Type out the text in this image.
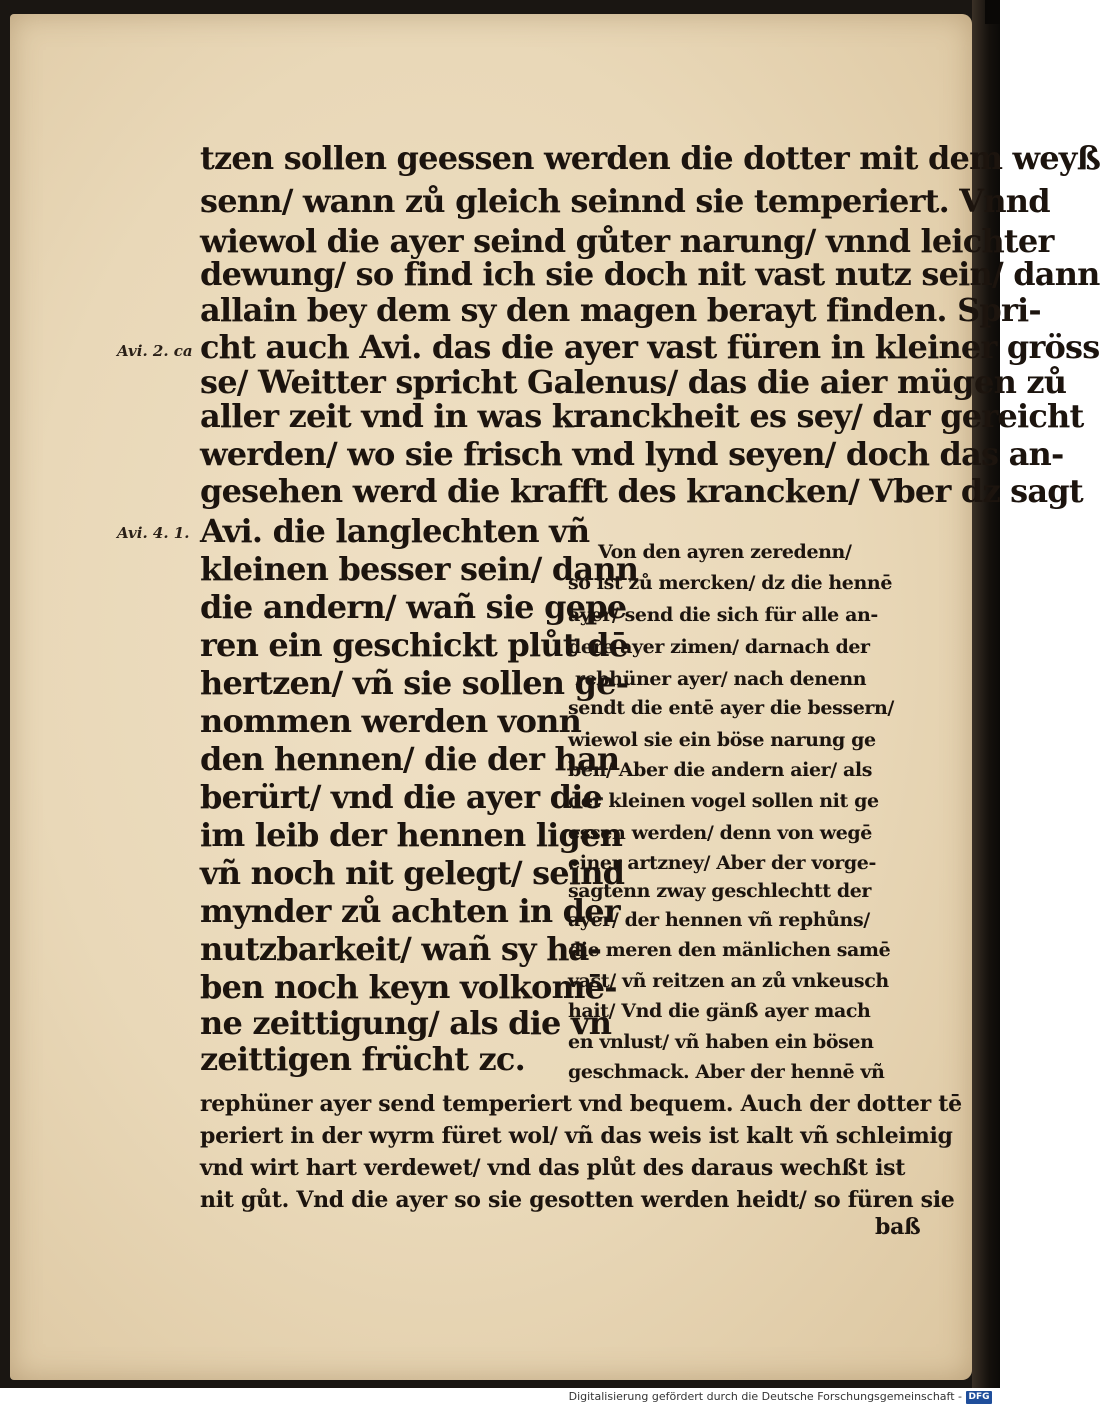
tzen sollen geessen werden die dotter mit dem weyß
senn/ wann zů gleich seinnd sie temperiert. Vnnd
wiewol die ayer seind gůter narung/ vnnd leichter
dewung/ so find ich sie doch nit vast nutz sein/ dann
allain bey dem sy den magen berayt finden. Spri-
cht auch Avi. das die ayer vast füren in kleiner gröss
se/ Weitter spricht Galenus/ das die aier mügen zů
aller zeit vnd in was kranckheit es sey/ dar gereicht
werden/ wo sie frisch vnd lynd seyen/ doch das an-
gesehen werd die krafft des krancken/ Vber dz sagt
Avi. 2. ca
Avi. 4. 1. Avi. die langlechten vñ
kleinen besser sein/ dann
die andern/ wañ sie gepe
ren ein geschickt plůt dē
hertzen/ vñ sie sollen ge-
nommen werden vonn
den hennen/ die der han
berürt/ vnd die ayer die
im leib der hennen ligen
vñ noch nit gelegt/ seind
mynder zů achten in der
nutzbarkeit/ wañ sy ha-
ben noch keyn volkomē-
ne zeittigung/ als die vn
zeittigen frücht zc.
Von den ayren zeredenn/
so ist zů mercken/ dz die hennē
ayer/ send die sich für alle an-
dere ayer zimen/ darnach der
rebhüner ayer/ nach denenn
sendt die entē ayer die bessern/
wiewol sie ein böse narung ge
ben/ Aber die andern aier/ als
der kleinen vogel sollen nit ge
essen werden/ denn von wegē
einer artzney/ Aber der vorge-
sagtenn zway geschlechtt der
ayer/ der hennen vñ rephůns/
die meren den mänlichen samē
vast/ vñ reitzen an zů vnkeusch
hait/ Vnd die gänß ayer mach
en vnlust/ vñ haben ein bösen
geschmack. Aber der hennē vñ
rephüner ayer send temperiert vnd bequem. Auch der dotter tē
periert in der wyrm füret wol/ vñ das weis ist kalt vñ schleimig
vnd wirt hart verdewet/ vnd das plůt des daraus wechßt ist
nit gůt. Vnd die ayer so sie gesotten werden heidt/ so füren sie
baß
Digitalisierung gefördert durch die Deutsche Forschungsgemeinschaft - DFG
